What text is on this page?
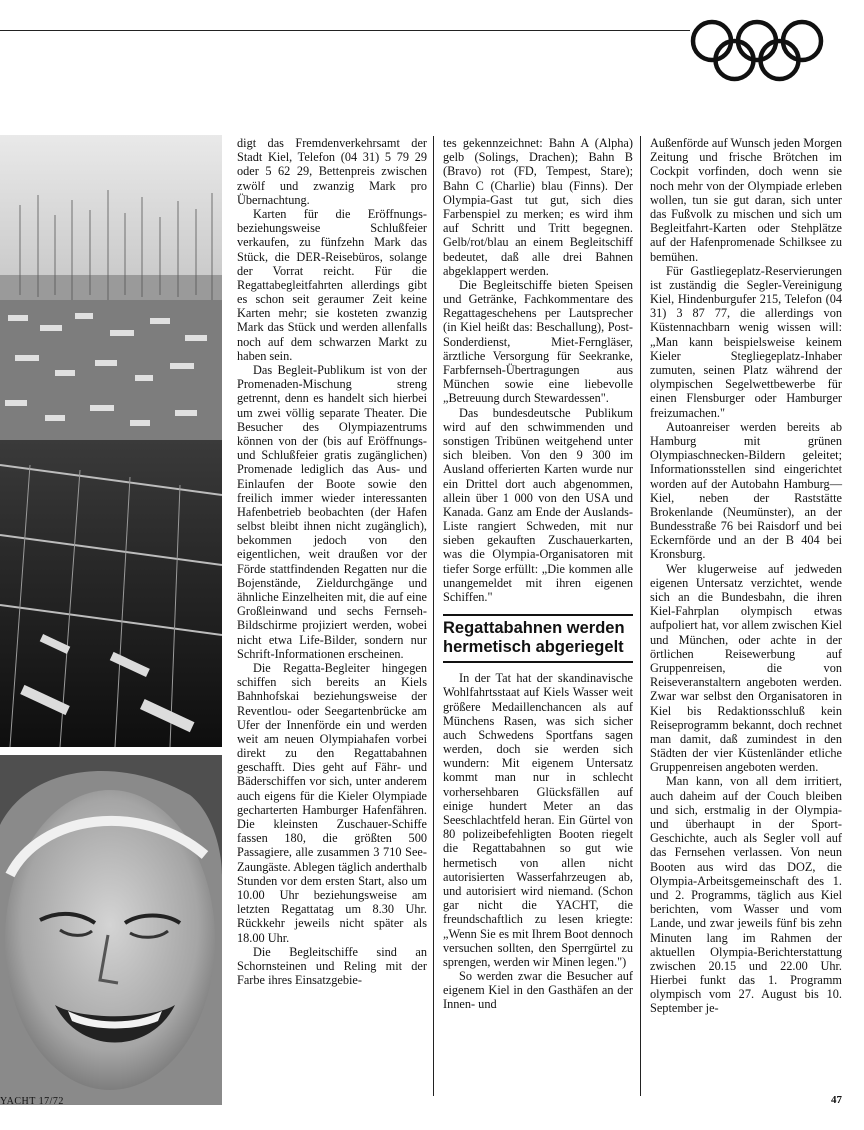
digt das Fremdenverkehrsamt der Stadt Kiel, Telefon (04 31) 5 79 29 oder 5 62 29, Bettenpreis zwischen zwölf und zwanzig Mark pro Übernachtung.

Karten für die Eröffnungs- beziehungsweise Schlußfeier verkaufen, zu fünfzehn Mark das Stück, die DER-Reisebüros, solange der Vorrat reicht. Für die Regattabegleitfahrten allerdings gibt es schon seit geraumer Zeit keine Karten mehr; sie kosteten zwanzig Mark das Stück und werden allenfalls noch auf dem schwarzen Markt zu haben sein.

Das Begleit-Publikum ist von der Promenaden-Mischung streng getrennt, denn es handelt sich hierbei um zwei völlig separate Theater. Die Besucher des Olympiazentrums können von der (bis auf Eröffnungs- und Schlußfeier gratis zugänglichen) Promenade lediglich das Aus- und Einlaufen der Boote sowie den freilich immer wieder interessanten Hafenbetrieb beobachten (der Hafen selbst bleibt ihnen nicht zugänglich), bekommen jedoch von den eigentlichen, weit draußen vor der Förde stattfindenden Regatten nur die Bojenstände, Zieldurchgänge und ähnliche Einzelheiten mit, die auf eine Großleinwand und sechs Fernseh-Bildschirme projiziert werden, wobei nicht etwa Life-Bilder, sondern nur Schrift-Informationen erscheinen.

Die Regatta-Begleiter hingegen schiffen sich bereits an Kiels Bahnhofskai beziehungsweise der Reventlou- oder Seegartenbrücke am Ufer der Innenförde ein und werden weit am neuen Olympiahafen vorbei direkt zu den Regattabahnen geschafft. Dies geht auf Fähr- und Bäderschiffen vor sich, unter anderem auch eigens für die Kieler Olympiade gecharterten Hamburger Hafenfähren. Die kleinsten Zuschauer-Schiffe fassen 180, die größten 500 Passagiere, alle zusammen 3 710 See-Zaungäste. Ablegen täglich anderthalb Stunden vor dem ersten Start, also um 10.00 Uhr beziehungsweise am letzten Regattatag um 8.30 Uhr. Rückkehr jeweils nicht später als 18.00 Uhr.

Die Begleitschiffe sind an Schornsteinen und Reling mit der Farbe ihres Einsatzgebie-

tes gekennzeichnet: Bahn A (Alpha) gelb (Solings, Drachen); Bahn B (Bravo) rot (FD, Tempest, Stare); Bahn C (Charlie) blau (Finns). Der Olympia-Gast tut gut, sich dies Farbenspiel zu merken; es wird ihm auf Schritt und Tritt begegnen. Gelb/rot/blau an einem Begleitschiff bedeutet, daß alle drei Bahnen abgeklappert werden.

Die Begleitschiffe bieten Speisen und Getränke, Fachkommentare des Regattageschehens per Lautsprecher (in Kiel heißt das: Beschallung), Post-Sonderdienst, Miet-Ferngläser, ärztliche Versorgung für Seekranke, Farbfernseh-Übertragungen aus München sowie eine liebevolle „Betreuung durch Stewardessen".

Das bundesdeutsche Publikum wird auf den schwimmenden und sonstigen Tribünen weitgehend unter sich bleiben. Von den 9 300 im Ausland offerierten Karten wurde nur ein Drittel dort auch abgenommen, allein über 1 000 von den USA und Kanada. Ganz am Ende der Auslands-Liste rangiert Schweden, mit nur sieben gekauften Zuschauerkarten, was die Olympia-Organisatoren mit tiefer Sorge erfüllt: „Die kommen alle unangemeldet mit ihren eigenen Schiffen."

Regattabahnen werden hermetisch abgeriegelt

In der Tat hat der skandinavische Wohlfahrtsstaat auf Kiels Wasser weit größere Medaillenchancen als auf Münchens Rasen, was sich sicher auch Schwedens Sportfans sagen werden, doch sie werden sich wundern: Mit eigenem Untersatz kommt man nur in schlecht vorhersehbaren Glücksfällen auf einige hundert Meter an das Seeschlachtfeld heran. Ein Gürtel von 80 polizeibefehligten Booten riegelt die Regattabahnen so gut wie hermetisch von allen nicht autorisierten Wasserfahrzeugen ab, und autorisiert wird niemand. (Schon gar nicht die YACHT, die freundschaftlich zu lesen kriegte: „Wenn Sie es mit Ihrem Boot dennoch versuchen sollten, den Sperrgürtel zu sprengen, werden wir Minen legen.")

So werden zwar die Besucher auf eigenem Kiel in den Gasthäfen an der Innen- und

Außenförde auf Wunsch jeden Morgen Zeitung und frische Brötchen im Cockpit vorfinden, doch wenn sie noch mehr von der Olympiade erleben wollen, tun sie gut daran, sich unter das Fußvolk zu mischen und sich um Begleitfahrt-Karten oder Stehplätze auf der Hafenpromenade Schilksee zu bemühen.

Für Gastliegeplatz-Reservierungen ist zuständig die Segler-Vereinigung Kiel, Hindenburgufer 215, Telefon (04 31) 3 87 77, die allerdings von Küstennachbarn wenig wissen will: „Man kann beispielsweise keinem Kieler Stegliegeplatz-Inhaber zumuten, seinen Platz während der olympischen Segelwettbewerbe für einen Flensburger oder Hamburger freizumachen."

Autoanreiser werden bereits ab Hamburg mit grünen Olympiaschnecken-Bildern geleitet; Informationsstellen sind eingerichtet worden auf der Autobahn Hamburg—Kiel, neben der Raststätte Brokenlande (Neumünster), an der Bundesstraße 76 bei Raisdorf und bei Eckernförde und an der B 404 bei Kronsburg.

Wer klugerweise auf jedweden eigenen Untersatz verzichtet, wende sich an die Bundesbahn, die ihren Kiel-Fahrplan olympisch etwas aufpoliert hat, vor allem zwischen Kiel und München, oder achte in der örtlichen Reisewerbung auf Gruppenreisen, die von Reiseveranstaltern angeboten werden. Zwar war selbst den Organisatoren in Kiel bis Redaktionsschluß kein Reiseprogramm bekannt, doch rechnet man damit, daß zumindest in den Städten der vier Küstenländer etliche Gruppenreisen angeboten werden.

Man kann, von all dem irritiert, auch daheim auf der Couch bleiben und sich, erstmalig in der Olympia- und überhaupt in der Sport-Geschichte, auch als Segler voll auf das Fernsehen verlassen. Von neun Booten aus wird das DOZ, die Olympia-Arbeitsgemeinschaft des 1. und 2. Programms, täglich aus Kiel berichten, vom Wasser und vom Lande, und zwar jeweils fünf bis zehn Minuten lang im Rahmen der aktuellen Olympia-Berichterstattung zwischen 20.15 und 22.00 Uhr. Hierbei funkt das 1. Programm olympisch vom 27. August bis 10. September je-

YACHT 17/72	47
